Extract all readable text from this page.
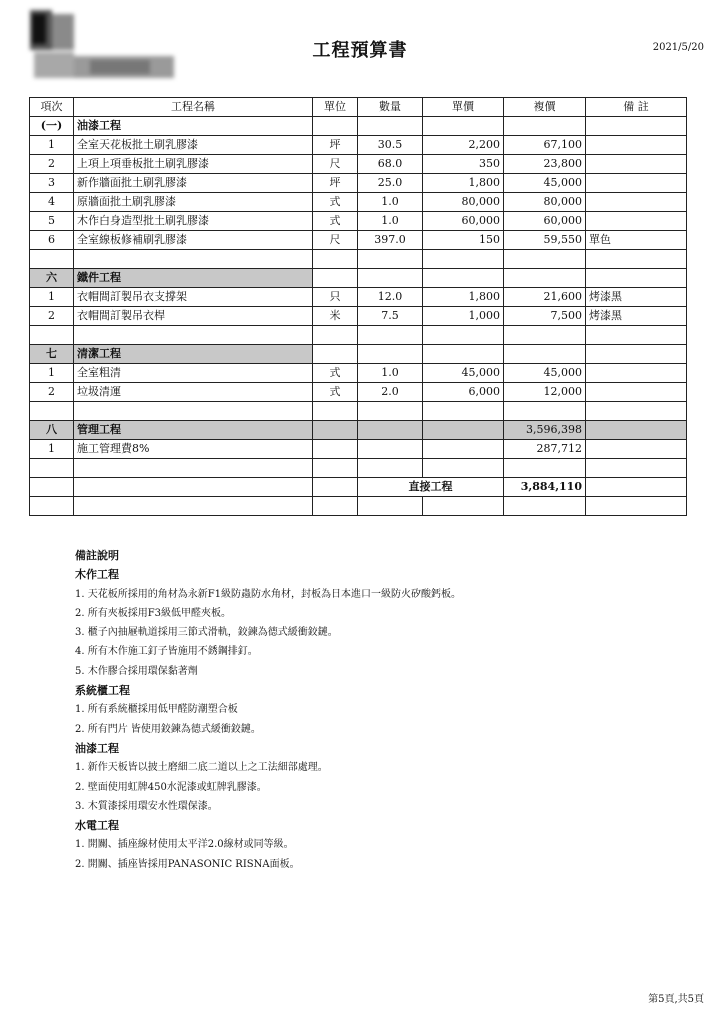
工程預算書	2021/5/20
項次	工程名稱	單位	數量	單價	複價	備 註
(一)	油漆工程					
1	全室天花板批土刷乳膠漆	坪	30.5	2,200	67,100	
2	上項上項垂板批土刷乳膠漆	尺	68.0	350	23,800	
3	新作牆面批土刷乳膠漆	坪	25.0	1,800	45,000	
4	原牆面批土刷乳膠漆	式	1.0	80,000	80,000	
5	木作白身造型批土刷乳膠漆	式	1.0	60,000	60,000	
6	全室線板修補刷乳膠漆	尺	397.0	150	59,550	單色

六	鐵件工程					
1	衣帽間訂製吊衣支撐架	只	12.0	1,800	21,600	烤漆黑
2	衣帽間訂製吊衣桿	米	7.5	1,000	7,500	烤漆黑

七	清潔工程					
1	全室粗清	式	1.0	45,000	45,000	
2	垃圾清運	式	2.0	6,000	12,000	

八	管理工程				3,596,398	
1	施工管理費8%				287,712	

			直接工程		3,884,110	

備註說明
木作工程
1. 天花板所採用的角材為永新F1級防蟲防水角材，封板為日本進口一級防火矽酸鈣板。
2. 所有夾板採用F3級低甲醛夾板。
3. 櫃子內抽屜軌道採用三節式滑軌，鉸鍊為德式緩衝鉸鏈。
4. 所有木作施工釘子皆施用不銹鋼排釘。
5. 木作膠合採用環保黏著劑
系統櫃工程
1. 所有系統櫃採用低甲醛防潮塑合板
2. 所有門片 皆使用鉸鍊為德式緩衝鉸鏈。
油漆工程
1. 新作天板皆以披土磨細二底二道以上之工法細部處理。
2. 壁面使用虹牌450水泥漆或虹牌乳膠漆。
3. 木質漆採用環安水性環保漆。
水電工程
1. 開關、插座線材使用太平洋2.0線材或同等級。
2. 開關、插座皆採用PANASONIC RISNA面板。
第5頁,共5頁
